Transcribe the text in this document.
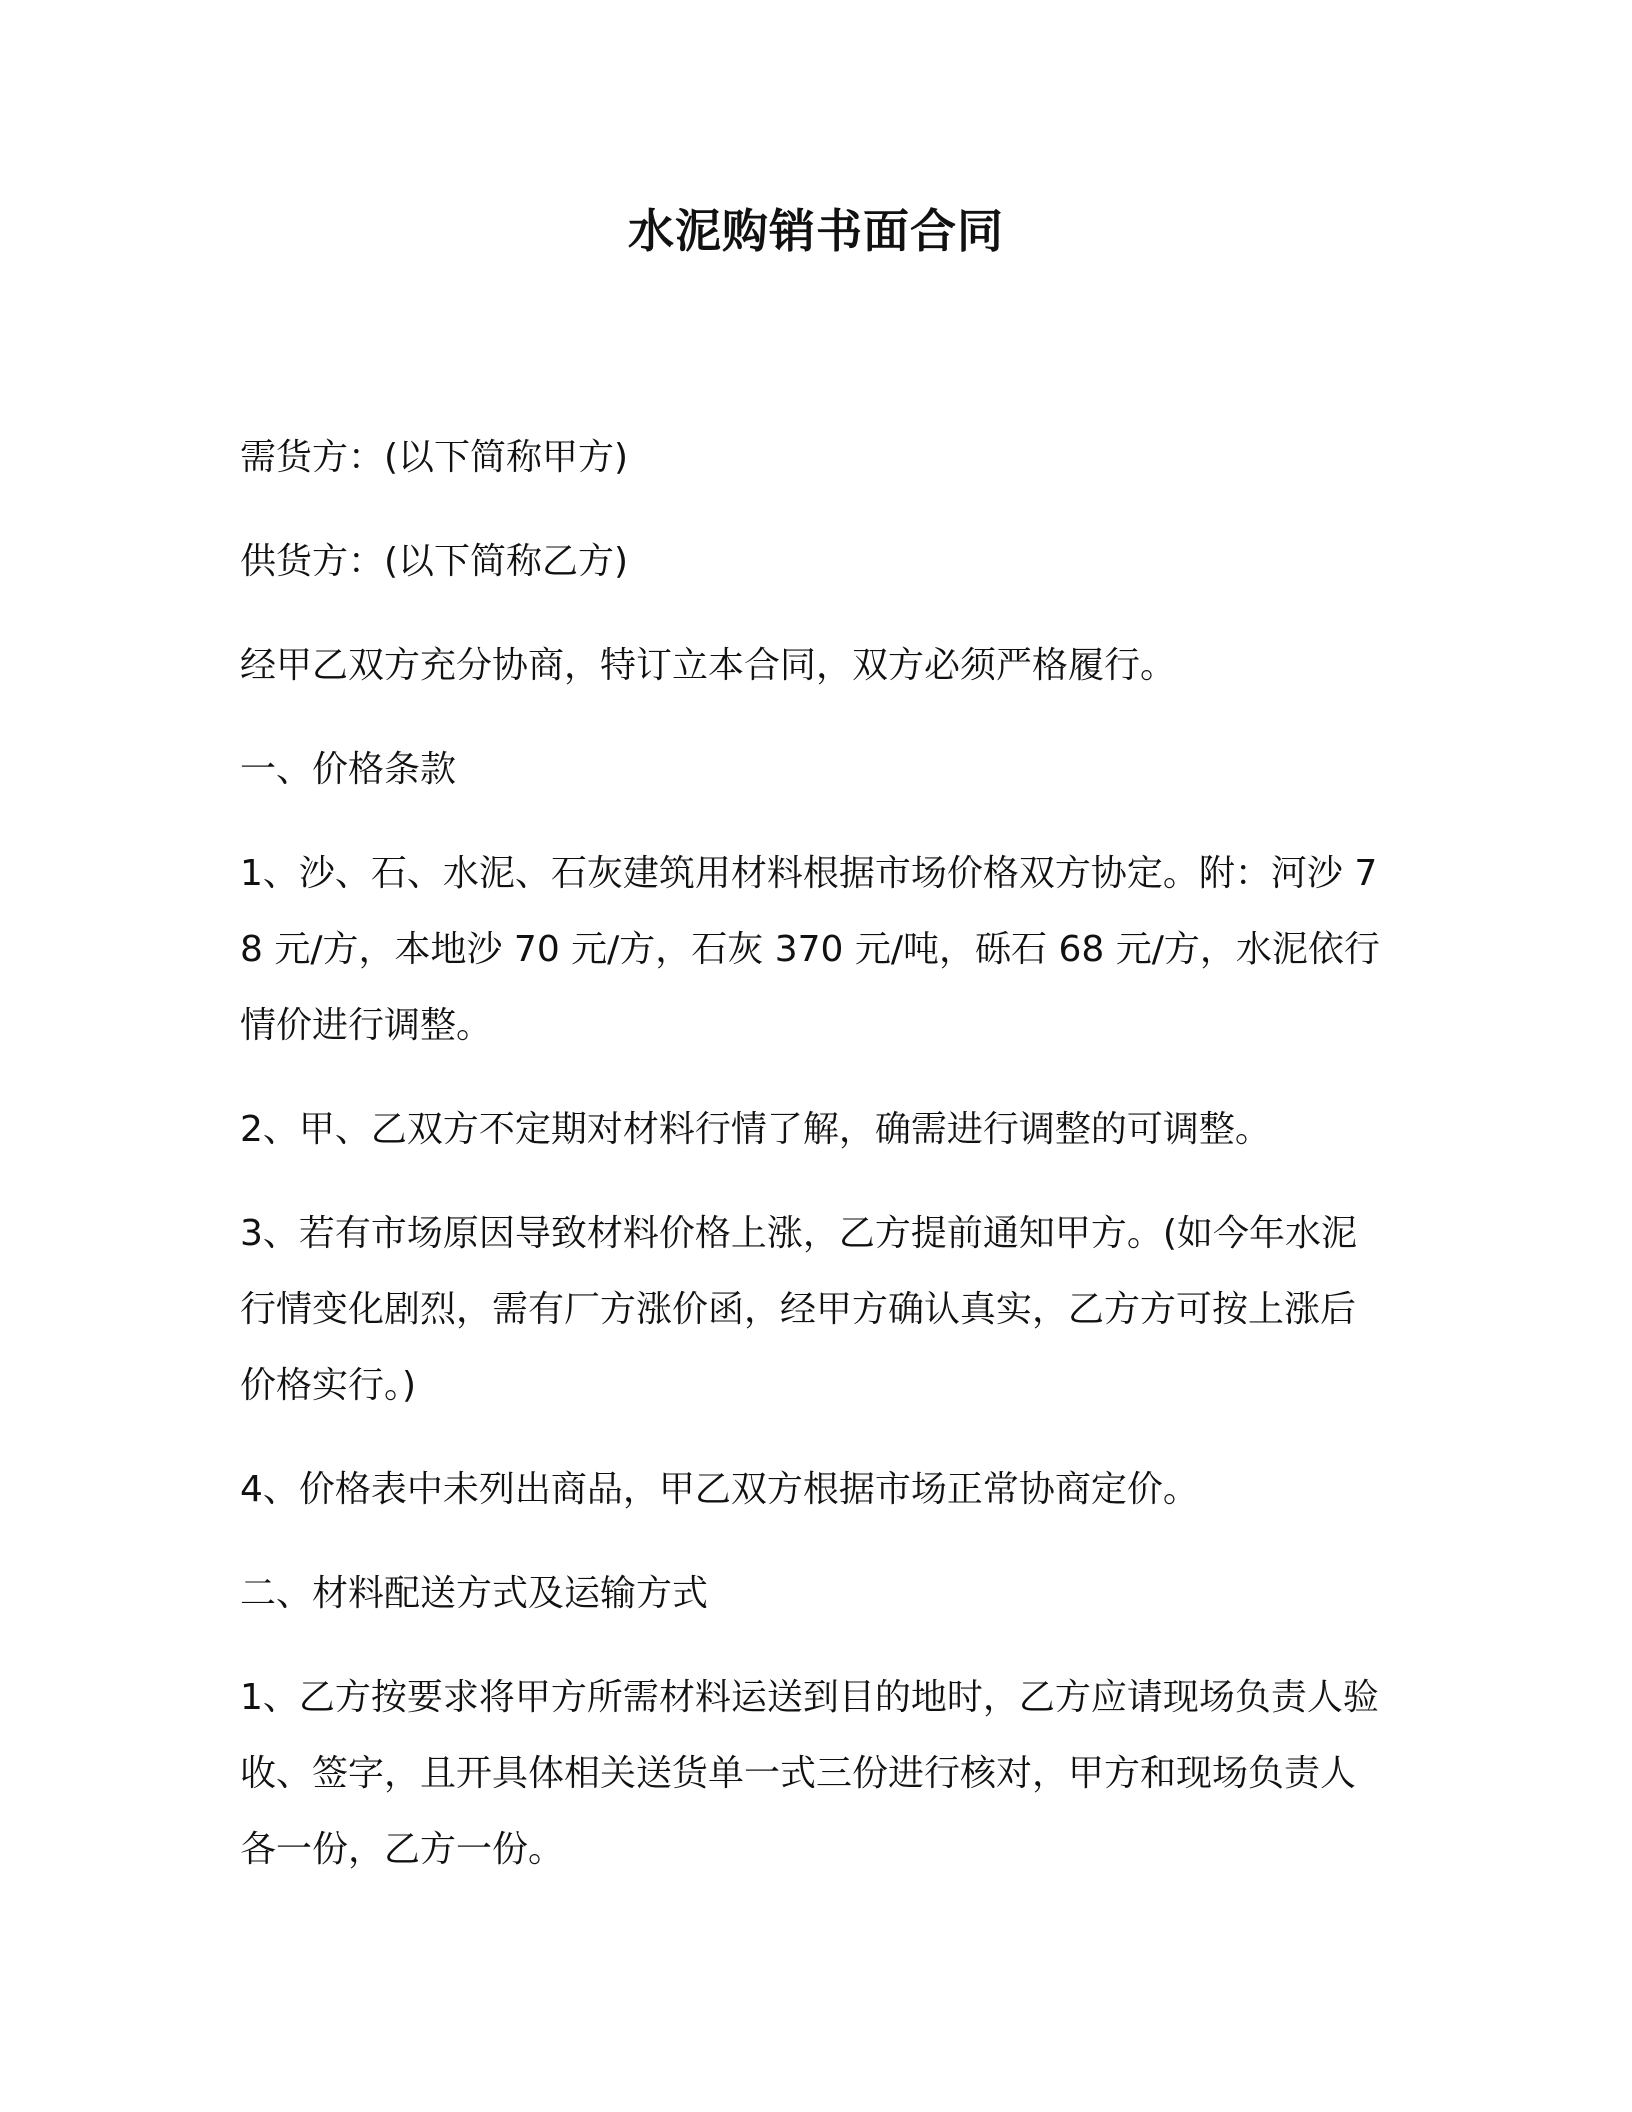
水泥购销书面合同

需货方：(以下简称甲方)

供货方：(以下简称乙方)

经甲乙双方充分协商，特订立本合同，双方必须严格履行。

一、价格条款

1、沙、石、水泥、石灰建筑用材料根据市场价格双方协定。附：河沙 78 元/方，本地沙 70 元/方，石灰 370 元/吨，砾石 68 元/方，水泥依行情价进行调整。

2、甲、乙双方不定期对材料行情了解，确需进行调整的可调整。

3、若有市场原因导致材料价格上涨，乙方提前通知甲方。(如今年水泥行情变化剧烈，需有厂方涨价函，经甲方确认真实，乙方方可按上涨后价格实行。)

4、价格表中未列出商品，甲乙双方根据市场正常协商定价。

二、材料配送方式及运输方式

1、乙方按要求将甲方所需材料运送到目的地时，乙方应请现场负责人验收、签字，且开具体相关送货单一式三份进行核对，甲方和现场负责人各一份，乙方一份。
